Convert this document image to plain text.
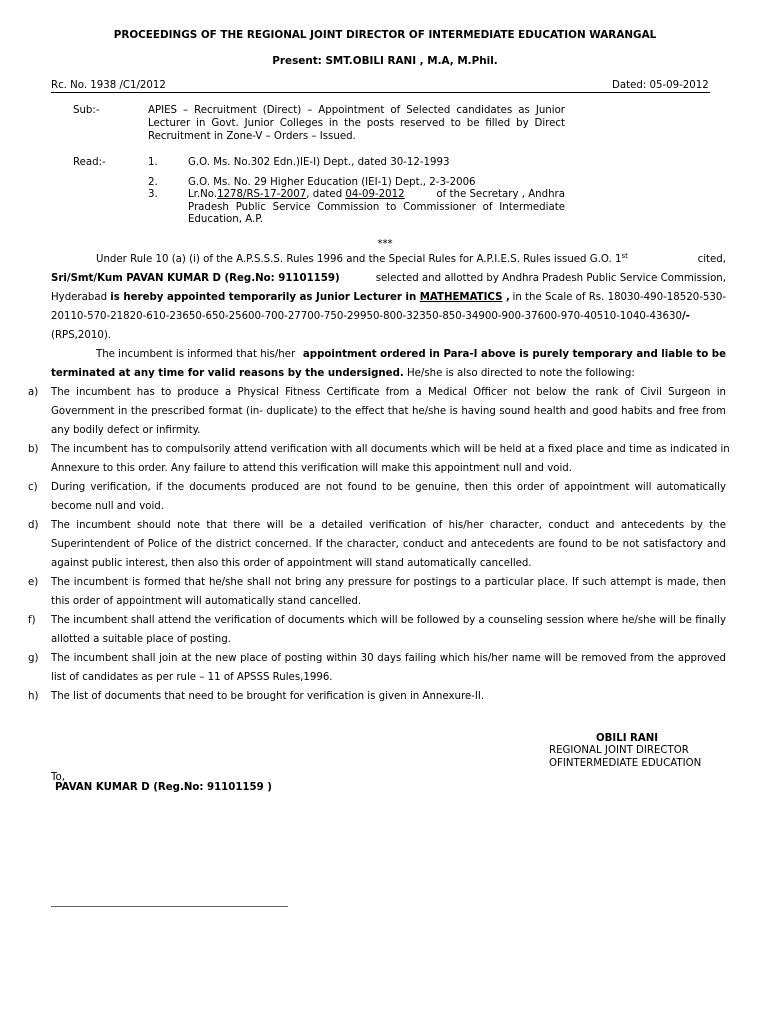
PROCEEDINGS OF THE REGIONAL JOINT DIRECTOR OF INTERMEDIATE EDUCATION WARANGAL
Present: SMT.OBILI RANI , M.A, M.Phil.
Rc. No. 1938 /C1/2012	Dated: 05-09-2012
Sub:-	APIES – Recruitment (Direct) – Appointment of Selected candidates as Junior
Lecturer in Govt. Junior Colleges in the posts reserved to be filled by Direct
Recruitment in Zone-V – Orders – Issued.
Read:-	1.	G.O. Ms. No.302 Edn.)IE-I) Dept., dated 30-12-1993
2.	G.O. Ms. No. 29 Higher Education (IEI-1) Dept., 2-3-2006
3.	Lr.No.1278/RS-17-2007, dated 04-09-2012	of the Secretary , Andhra
Pradesh Public Service Commission to Commissioner of Intermediate
Education, A.P.
***
Under Rule 10 (a) (i) of the A.P.S.S.S. Rules 1996 and the Special Rules for A.P.I.E.S. Rules issued G.O. 1st	cited,
Sri/Smt/Kum PAVAN KUMAR D (Reg.No: 91101159)	selected and allotted by Andhra Pradesh Public Service Commission,
Hyderabad is hereby appointed temporarily as Junior Lecturer in MATHEMATICS , in the Scale of Rs. 18030-490-18520-530-
20110-570-21820-610-23650-650-25600-700-27700-750-29950-800-32350-850-34900-900-37600-970-40510-1040-43630/-
(RPS,2010).
The incumbent is informed that his/her appointment ordered in Para-I above is purely temporary and liable to be
terminated at any time for valid reasons by the undersigned. He/she is also directed to note the following:
a) The incumbent has to produce a Physical Fitness Certificate from a Medical Officer not below the rank of Civil Surgeon in
Government in the prescribed format (in- duplicate) to the effect that he/she is having sound health and good habits and free from
any bodily defect or infirmity.
b) The incumbent has to compulsorily attend verification with all documents which will be held at a fixed place and time as indicated in
Annexure to this order. Any failure to attend this verification will make this appointment null and void.
c) During verification, if the documents produced are not found to be genuine, then this order of appointment will automatically
become null and void.
d) The incumbent should note that there will be a detailed verification of his/her character, conduct and antecedents by the
Superintendent of Police of the district concerned. If the character, conduct and antecedents are found to be not satisfactory and
against public interest, then also this order of appointment will stand automatically cancelled.
e) The incumbent is formed that he/she shall not bring any pressure for postings to a particular place. If such attempt is made, then
this order of appointment will automatically stand cancelled.
f) The incumbent shall attend the verification of documents which will be followed by a counseling session where he/she will be finally
allotted a suitable place of posting.
g) The incumbent shall join at the new place of posting within 30 days failing which his/her name will be removed from the approved
list of candidates as per rule – 11 of APSSS Rules,1996.
h) The list of documents that need to be brought for verification is given in Annexure-II.
OBILI RANI
REGIONAL JOINT DIRECTOR
OFINTERMEDIATE EDUCATION
To,
PAVAN KUMAR D (Reg.No: 91101159 )
